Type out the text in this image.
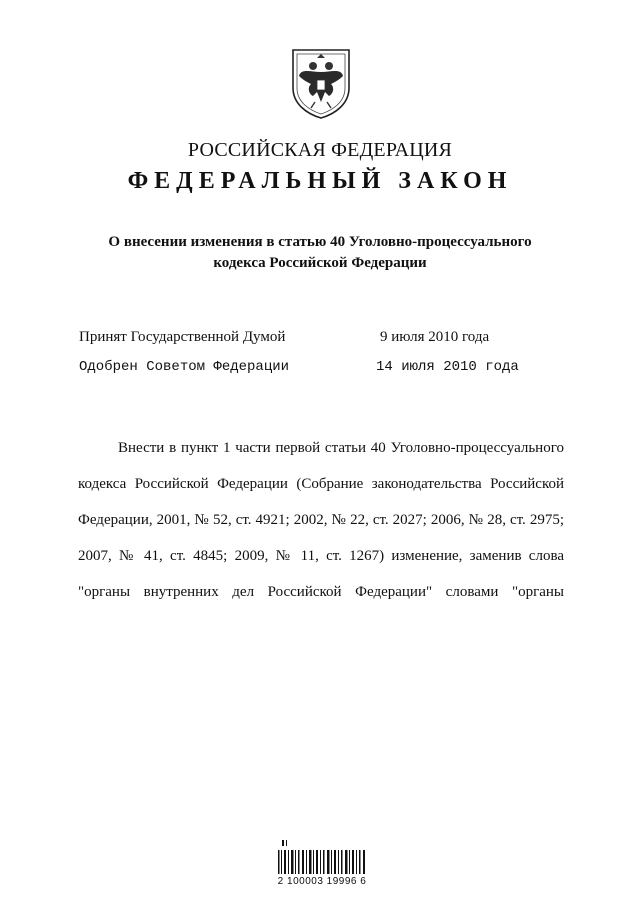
РОССИЙСКАЯ ФЕДЕРАЦИЯ
ФЕДЕРАЛЬНЫЙ ЗАКОН
О внесении изменения в статью 40 Уголовно-процессуального
кодекса Российской Федерации
Принят Государственной Думой	9 июля 2010 года
Одобрен Советом Федерации	14 июля 2010 года
Внести в пункт 1 части первой статьи 40 Уголовно-процессуального
кодекса Российской Федерации (Собрание законодательства Российской
Федерации, 2001, № 52, ст. 4921; 2002, № 22, ст. 2027; 2006, № 28, ст. 2975;
2007, № 41, ст. 4845; 2009, № 11, ст. 1267) изменение, заменив слова
"органы внутренних дел Российской Федерации" словами "органы
2 100003 19996 6
